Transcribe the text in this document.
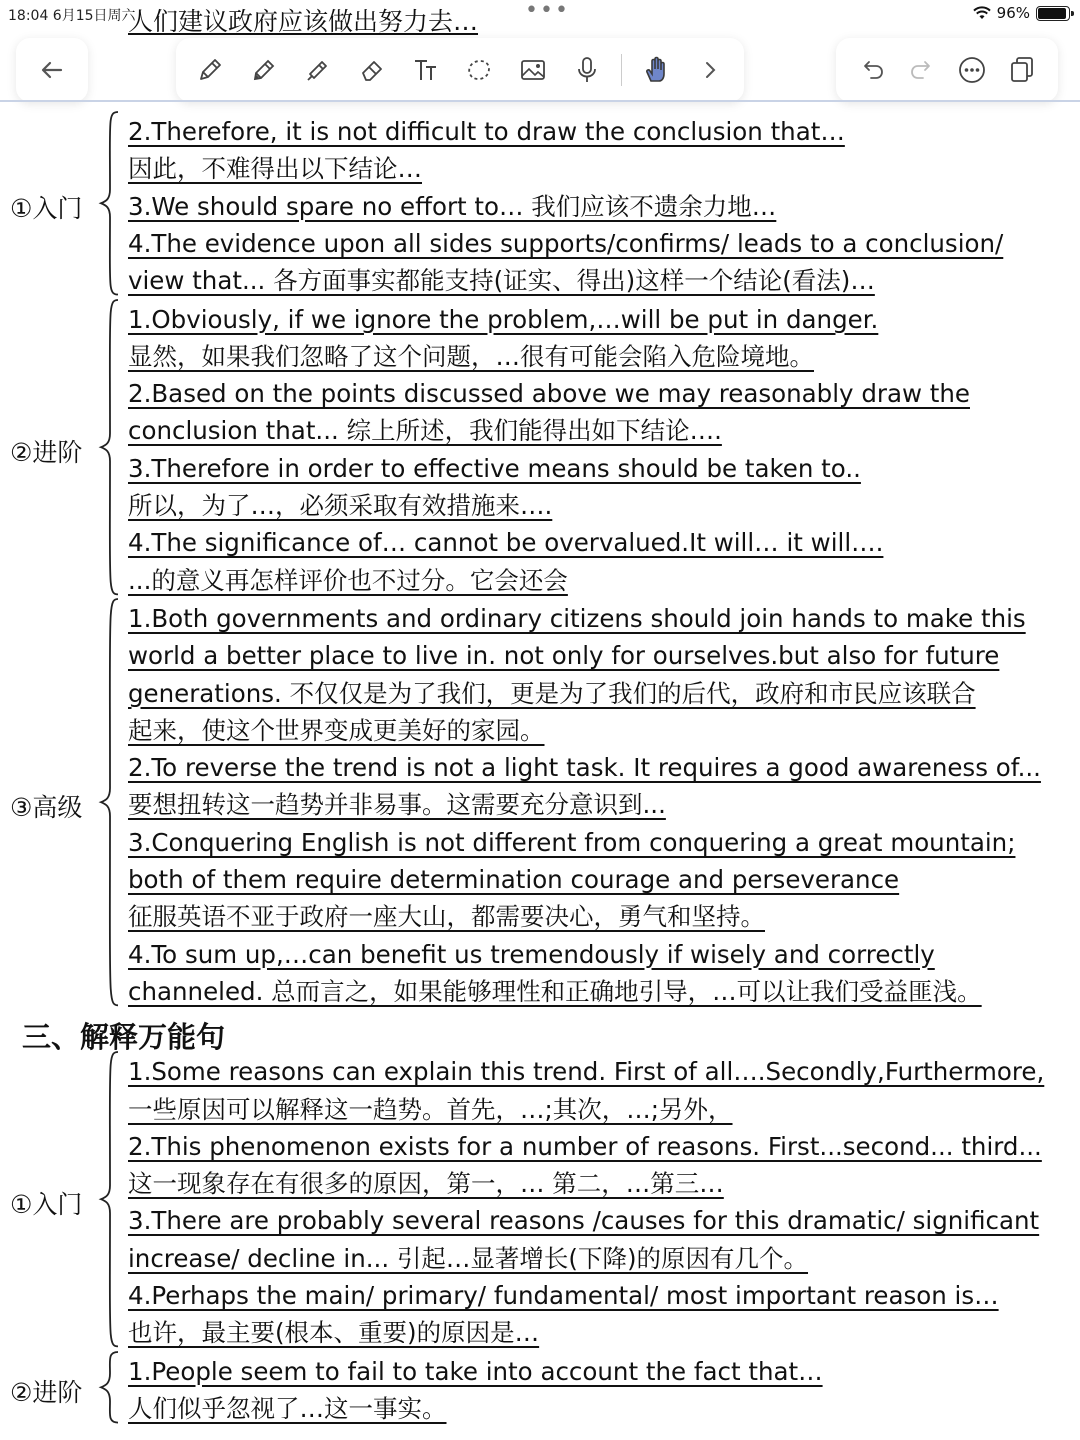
18:04 6月15日周六
人们建议政府应该做出努力去… •••	96%
①入门
2.Therefore, it is not difficult to draw the conclusion that…
因此，不难得出以下结论…
3.We should spare no effort to… 我们应该不遗余力地…
4.The evidence upon all sides supports/confirms/ leads to a conclusion/
view that... 各方面事实都能支持(证实、得出)这样一个结论(看法)…
②进阶
1.Obviously, if we ignore the problem,…will be put in danger.
显然，如果我们忽略了这个问题，…很有可能会陷入危险境地。
2.Based on the points discussed above we may reasonably draw the
conclusion that... 综上所述，我们能得出如下结论….
3.Therefore in order to effective means should be taken to..
所以，为了…，必须采取有效措施来….
4.The significance of… cannot be overvalued.It will… it will….
...的意义再怎样评价也不过分。它会还会
③高级
1.Both governments and ordinary citizens should join hands to make this
world a better place to live in. not only for ourselves.but also for future
generations. 不仅仅是为了我们，更是为了我们的后代，政府和市民应该联合
起来，使这个世界变成更美好的家园。
2.To reverse the trend is not a light task. It requires a good awareness of...
要想扭转这一趋势并非易事。这需要充分意识到...
3.Conquering English is not different from conquering a great mountain;
both of them require determination courage and perseverance
征服英语不亚于政府一座大山，都需要决心，勇气和坚持。
4.To sum up,…can benefit us tremendously if wisely and correctly
channeled. 总而言之，如果能够理性和正确地引导，…可以让我们受益匪浅。
三、解释万能句
①入门
1.Some reasons can explain this trend. First of all….Secondly,Furthermore,
一些原因可以解释这一趋势。首先，…;其次，…;另外，
2.This phenomenon exists for a number of reasons. First...second... third...
这一现象存在有很多的原因，第一，… 第二，…第三…
3.There are probably several reasons /causes for this dramatic/ significant
increase/ decline in... 引起…显著增长(下降)的原因有几个。
4.Perhaps the main/ primary/ fundamental/ most important reason is…
也许，最主要(根本、重要)的原因是…
②进阶
1.People seem to fail to take into account the fact that…
人们似乎忽视了…这一事实。
